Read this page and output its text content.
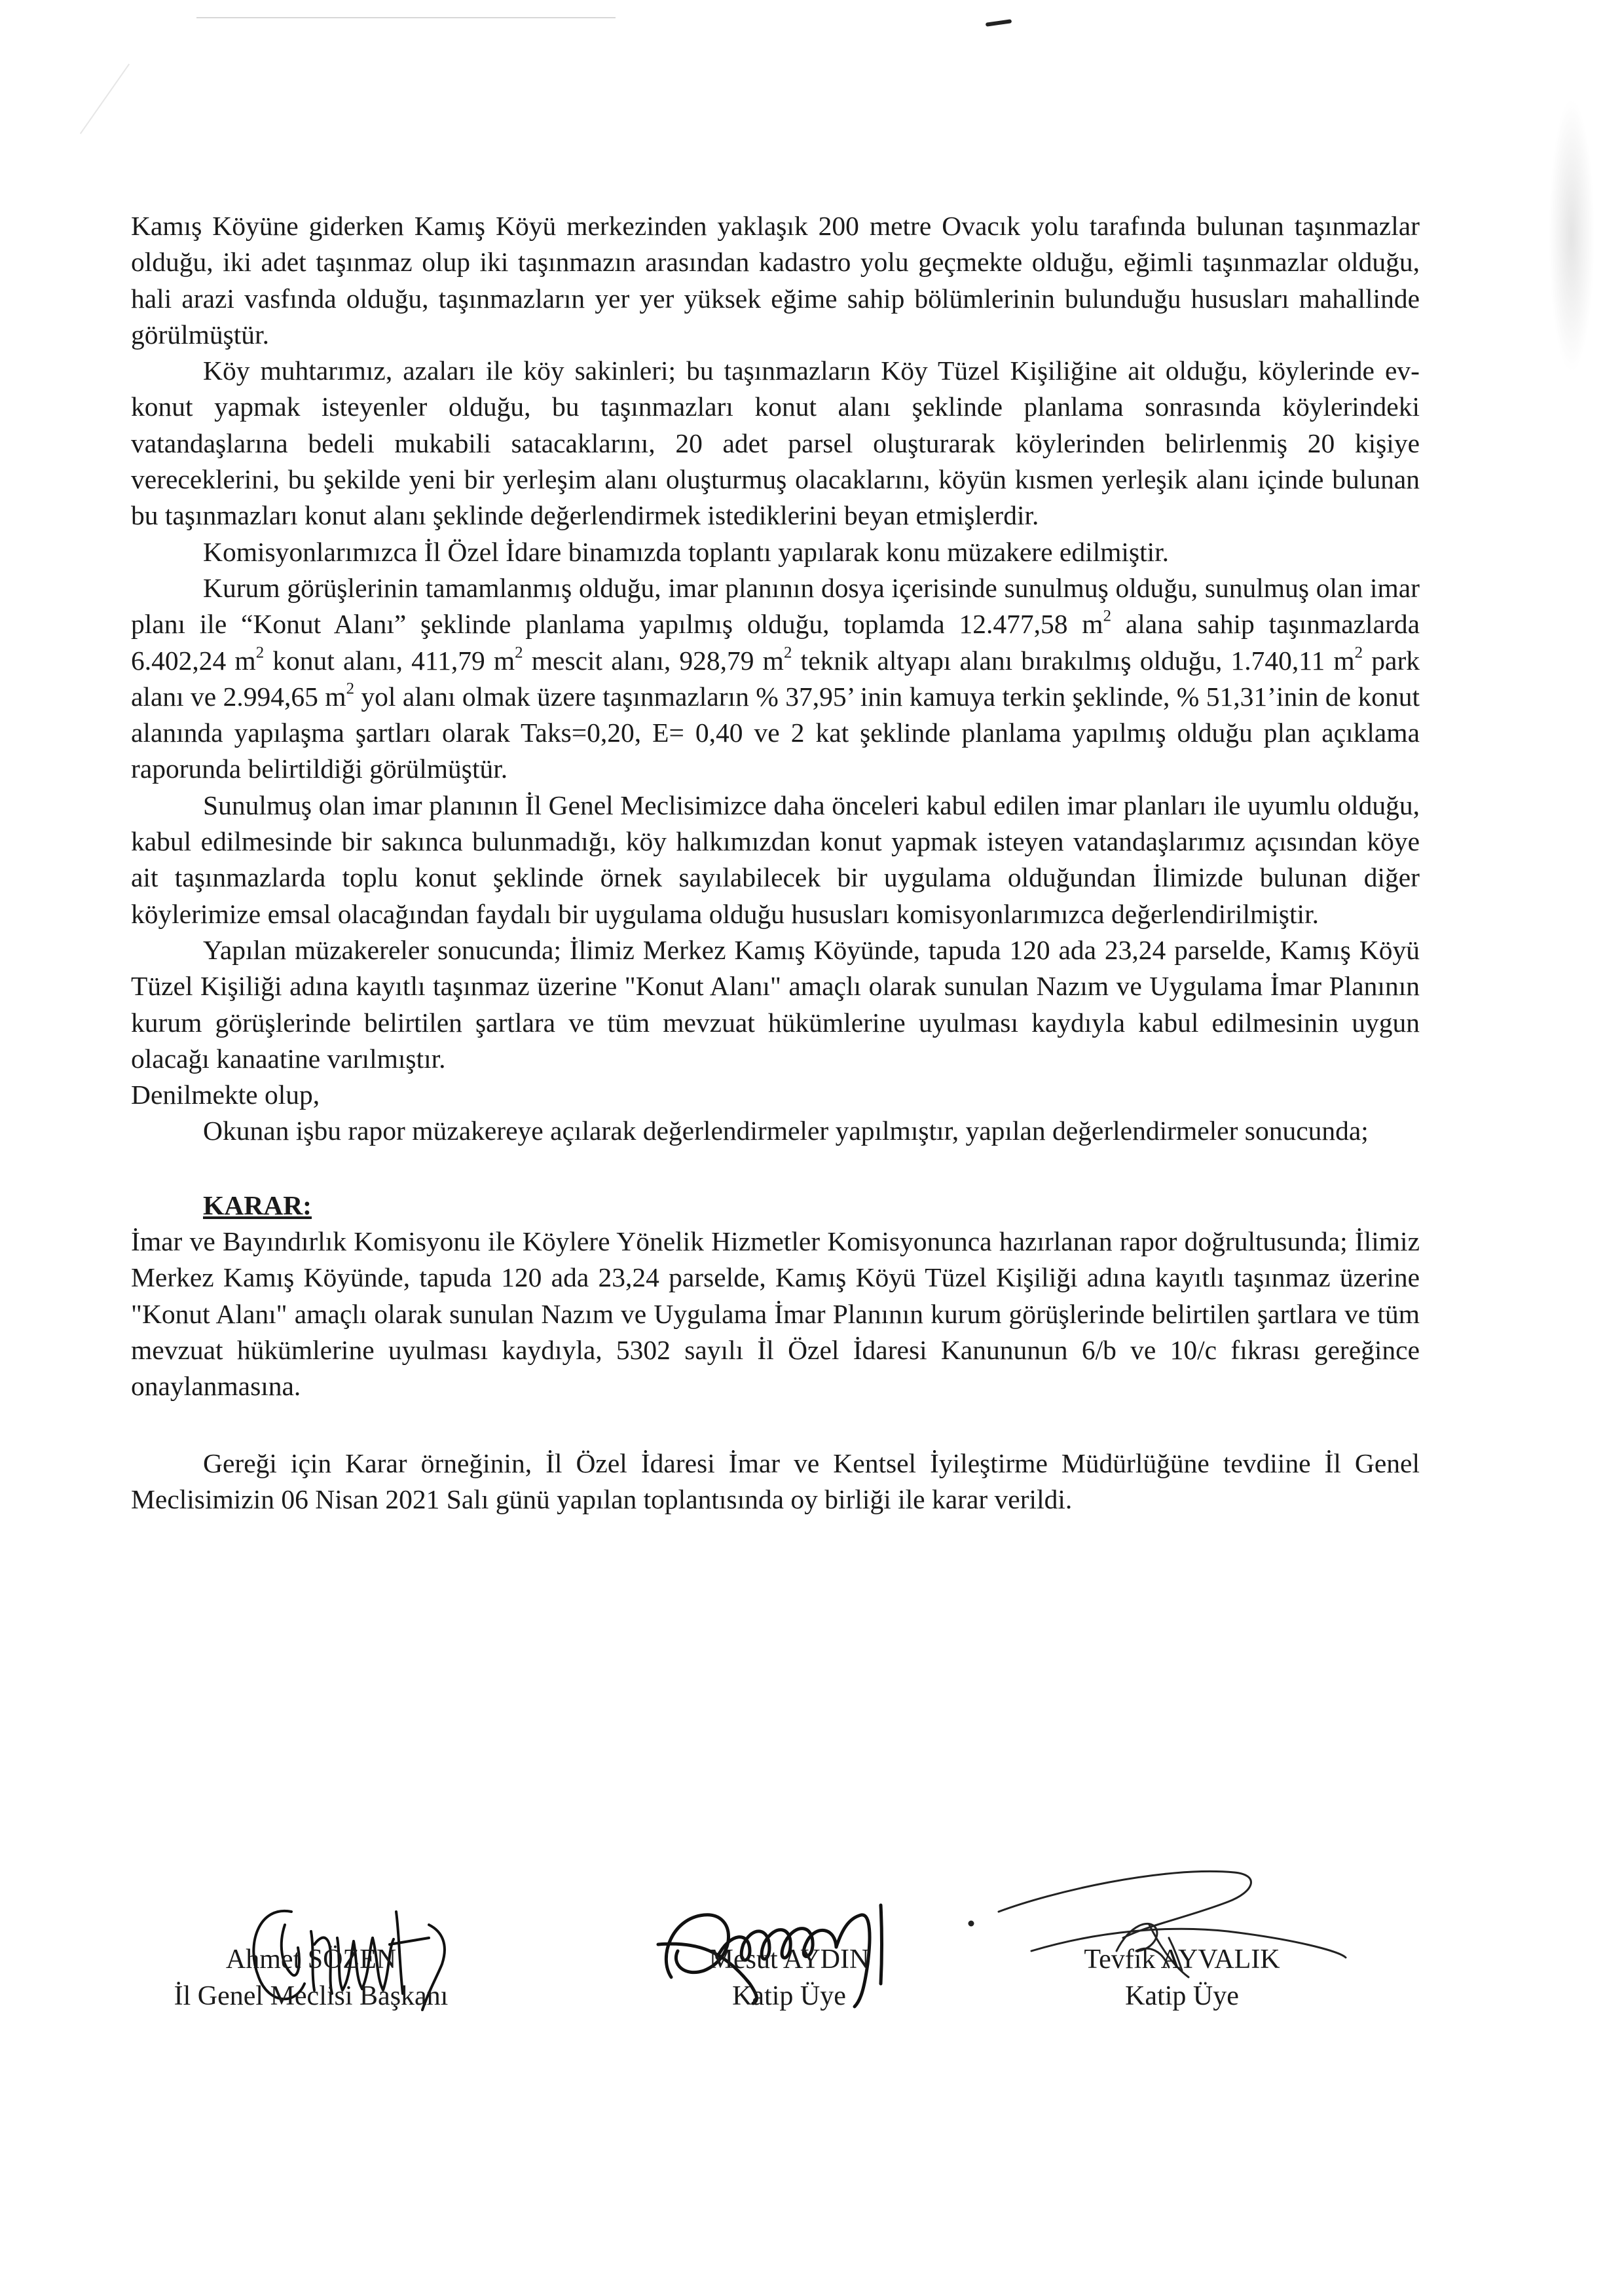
Kamış Köyüne giderken Kamış Köyü merkezinden yaklaşık 200 metre Ovacık yolu tarafında bulunan taşınmazlar olduğu, iki adet taşınmaz olup iki taşınmazın arasından kadastro yolu geçmekte olduğu, eğimli taşınmazlar olduğu, hali arazi vasfında olduğu, taşınmazların yer yer yüksek eğime sahip bölümlerinin bulunduğu hususları mahallinde görülmüştür.

Köy muhtarımız, azaları ile köy sakinleri; bu taşınmazların Köy Tüzel Kişiliğine ait olduğu, köylerinde ev-konut yapmak isteyenler olduğu, bu taşınmazları konut alanı şeklinde planlama sonrasında köylerindeki vatandaşlarına bedeli mukabili satacaklarını, 20 adet parsel oluşturarak köylerinden belirlenmiş 20 kişiye vereceklerini, bu şekilde yeni bir yerleşim alanı oluşturmuş olacaklarını, köyün kısmen yerleşik alanı içinde bulunan bu taşınmazları konut alanı şeklinde değerlendirmek istediklerini beyan etmişlerdir.

Komisyonlarımızca İl Özel İdare binamızda toplantı yapılarak konu müzakere edilmiştir.

Kurum görüşlerinin tamamlanmış olduğu, imar planının dosya içerisinde sunulmuş olduğu, sunulmuş olan imar planı ile “Konut Alanı” şeklinde planlama yapılmış olduğu, toplamda 12.477,58 $m^2$ alana sahip taşınmazlarda 6.402,24 $m^2$ konut alanı, 411,79 $m^2$ mescit alanı, 928,79 $m^2$ teknik altyapı alanı bırakılmış olduğu, 1.740,11 $m^2$ park alanı ve 2.994,65 $m^2$ yol alanı olmak üzere taşınmazların % 37,95’ inin kamuya terkin şeklinde, % 51,31’inin de konut alanında yapılaşma şartları olarak Taks=0,20, E= 0,40 ve 2 kat şeklinde planlama yapılmış olduğu plan açıklama raporunda belirtildiği görülmüştür.

Sunulmuş olan imar planının İl Genel Meclisimizce daha önceleri kabul edilen imar planları ile uyumlu olduğu, kabul edilmesinde bir sakınca bulunmadığı, köy halkımızdan konut yapmak isteyen vatandaşlarımız açısından köye ait taşınmazlarda toplu konut şeklinde örnek sayılabilecek bir uygulama olduğundan İlimizde bulunan diğer köylerimize emsal olacağından faydalı bir uygulama olduğu hususları komisyonlarımızca değerlendirilmiştir.

Yapılan müzakereler sonucunda; İlimiz Merkez Kamış Köyünde, tapuda 120 ada 23,24 parselde, Kamış Köyü Tüzel Kişiliği adına kayıtlı taşınmaz üzerine "Konut Alanı" amaçlı olarak sunulan Nazım ve Uygulama İmar Planının kurum görüşlerinde belirtilen şartlara ve tüm mevzuat hükümlerine uyulması kaydıyla kabul edilmesinin uygun olacağı kanaatine varılmıştır.

Denilmekte olup,

Okunan işbu rapor müzakereye açılarak değerlendirmeler yapılmıştır, yapılan değerlendirmeler sonucunda;

KARAR:

İmar ve Bayındırlık Komisyonu ile Köylere Yönelik Hizmetler Komisyonunca hazırlanan rapor doğrultusunda; İlimiz Merkez Kamış Köyünde, tapuda 120 ada 23,24 parselde, Kamış Köyü Tüzel Kişiliği adına kayıtlı taşınmaz üzerine "Konut Alanı" amaçlı olarak sunulan Nazım ve Uygulama İmar Planının kurum görüşlerinde belirtilen şartlara ve tüm mevzuat hükümlerine uyulması kaydıyla, 5302 sayılı İl Özel İdaresi Kanununun 6/b ve 10/c fıkrası gereğince onaylanmasına.

Gereği için Karar örneğinin, İl Özel İdaresi İmar ve Kentsel İyileştirme Müdürlüğüne tevdiine İl Genel Meclisimizin 06 Nisan 2021 Salı günü yapılan toplantısında oy birliği ile karar verildi.

Ahmet SÖZEN
İl Genel Meclisi Başkanı
Mesut AYDIN
Katip Üye
Tevfik AYVALIK
Katip Üye
